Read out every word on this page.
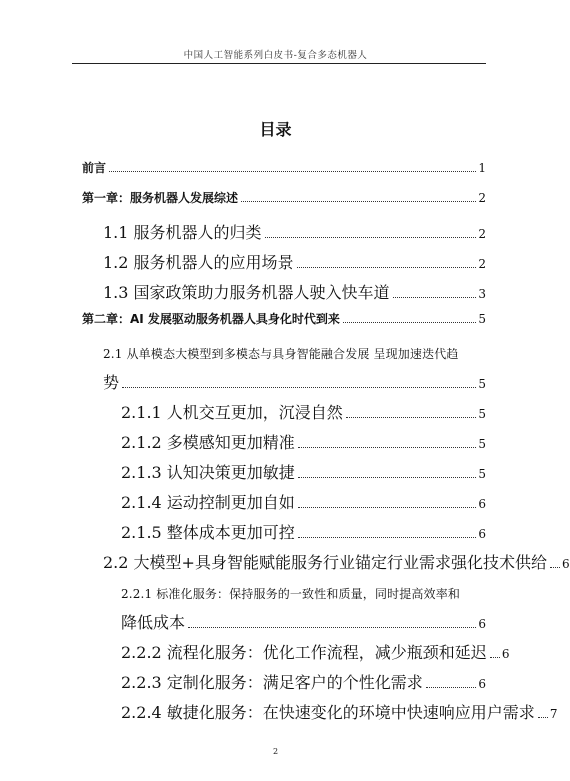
中国人工智能系列白皮书-复合多态机器人
目录
前言	1
第一章：服务机器人发展综述	2
1.1 服务机器人的归类	2
1.2 服务机器人的应用场景	2
1.3 国家政策助力服务机器人驶入快车道	3
第二章：AI 发展驱动服务机器人具身化时代到来	5
2.1 从单模态大模型到多模态与具身智能融合发展 呈现加速迭代趋
势	5
2.1.1 人机交互更加，沉浸自然	5
2.1.2 多模感知更加精准	5
2.1.3 认知决策更加敏捷	5
2.1.4 运动控制更加自如	6
2.1.5 整体成本更加可控	6
2.2 大模型+具身智能赋能服务行业锚定行业需求强化技术供给 6
2.2.1 标准化服务：保持服务的一致性和质量，同时提高效率和
降低成本	6
2.2.2 流程化服务：优化工作流程，减少瓶颈和延迟 6
2.2.3 定制化服务：满足客户的个性化需求	6
2.2.4 敏捷化服务：在快速变化的环境中快速响应用户需求 7
2
